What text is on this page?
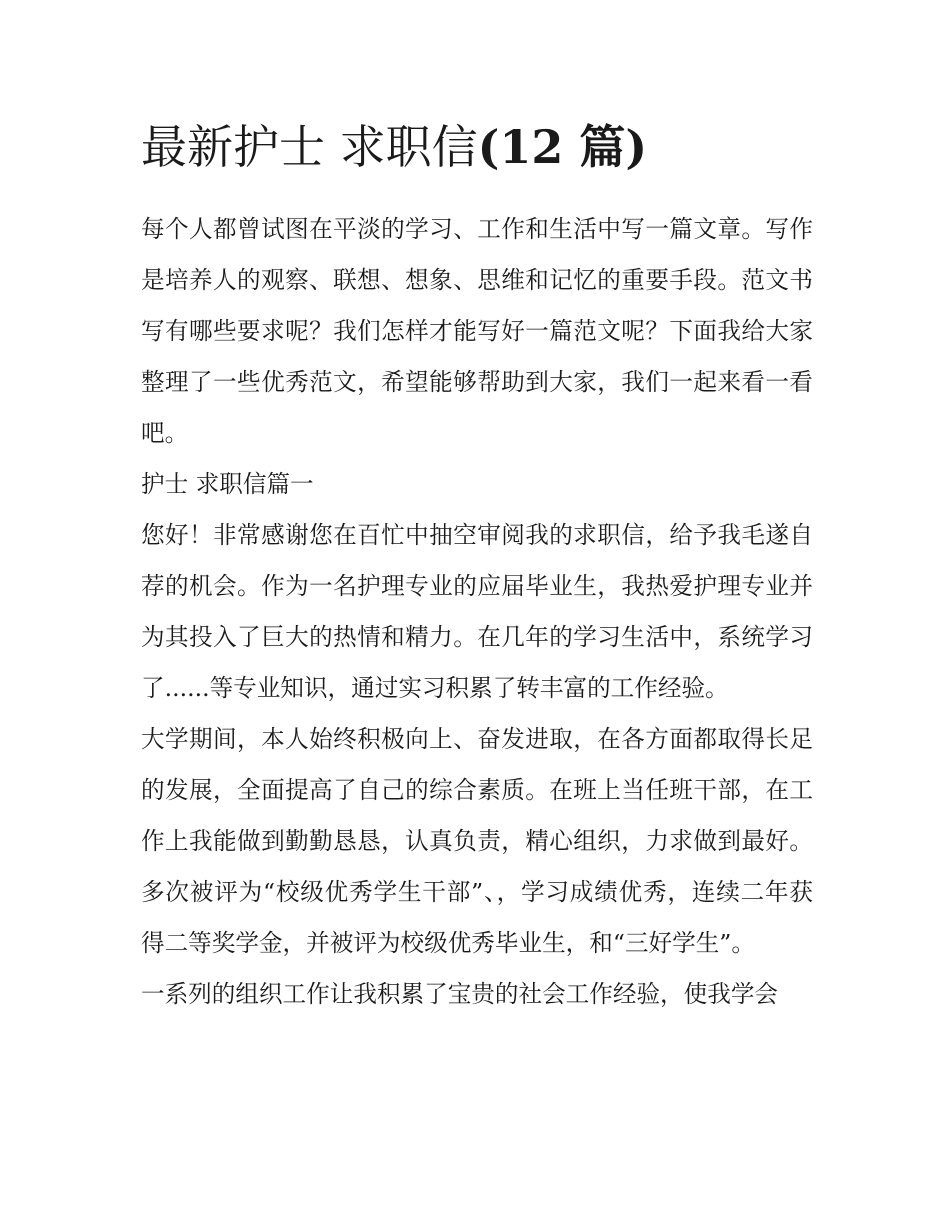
最新护士 求职信(12 篇)

每个人都曾试图在平淡的学习、工作和生活中写一篇文章。写作是培养人的观察、联想、想象、思维和记忆的重要手段。范文书写有哪些要求呢？我们怎样才能写好一篇范文呢？下面我给大家整理了一些优秀范文，希望能够帮助到大家，我们一起来看一看吧。

护士 求职信篇一

您好！非常感谢您在百忙中抽空审阅我的求职信，给予我毛遂自荐的机会。作为一名护理专业的应届毕业生，我热爱护理专业并为其投入了巨大的热情和精力。在几年的学习生活中，系统学习了......等专业知识，通过实习积累了转丰富的工作经验。

大学期间，本人始终积极向上、奋发进取，在各方面都取得长足的发展，全面提高了自己的综合素质。在班上当任班干部，在工作上我能做到勤勤恳恳，认真负责，精心组织，力求做到最好。多次被评为“校级优秀学生干部”、，学习成绩优秀，连续二年获得二等奖学金，并被评为校级优秀毕业生，和“三好学生”。

一系列的组织工作让我积累了宝贵的社会工作经验，使我学会
